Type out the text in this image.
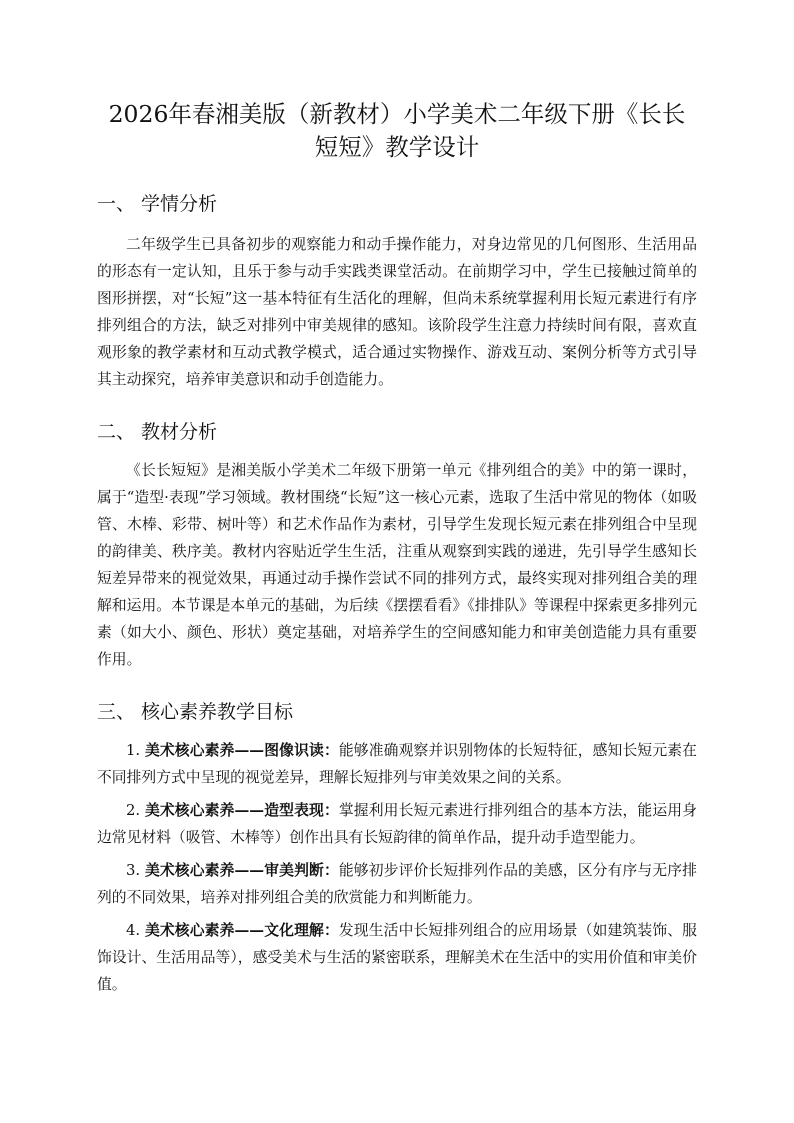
2026年春湘美版（新教材）小学美术二年级下册《长长短短》教学设计
一、 学情分析

二年级学生已具备初步的观察能力和动手操作能力，对身边常见的几何图形、生活用品的形态有一定认知，且乐于参与动手实践类课堂活动。在前期学习中，学生已接触过简单的图形拼摆，对“长短”这一基本特征有生活化的理解，但尚未系统掌握利用长短元素进行有序排列组合的方法，缺乏对排列中审美规律的感知。该阶段学生注意力持续时间有限，喜欢直观形象的教学素材和互动式教学模式，适合通过实物操作、游戏互动、案例分析等方式引导其主动探究，培养审美意识和动手创造能力。

二、 教材分析

《长长短短》是湘美版小学美术二年级下册第一单元《排列组合的美》中的第一课时，属于“造型·表现”学习领域。教材围绕“长短”这一核心元素，选取了生活中常见的物体（如吸管、木棒、彩带、树叶等）和艺术作品作为素材，引导学生发现长短元素在排列组合中呈现的韵律美、秩序美。教材内容贴近学生生活，注重从观察到实践的递进，先引导学生感知长短差异带来的视觉效果，再通过动手操作尝试不同的排列方式，最终实现对排列组合美的理解和运用。本节课是本单元的基础，为后续《摆摆看看》《排排队》等课程中探索更多排列元素（如大小、颜色、形状）奠定基础，对培养学生的空间感知能力和审美创造能力具有重要作用。

三、 核心素养教学目标

1. 美术核心素养——图像识读：能够准确观察并识别物体的长短特征，感知长短元素在不同排列方式中呈现的视觉差异，理解长短排列与审美效果之间的关系。

2. 美术核心素养——造型表现：掌握利用长短元素进行排列组合的基本方法，能运用身边常见材料（吸管、木棒等）创作出具有长短韵律的简单作品，提升动手造型能力。

3. 美术核心素养——审美判断：能够初步评价长短排列作品的美感，区分有序与无序排列的不同效果，培养对排列组合美的欣赏能力和判断能力。

4. 美术核心素养——文化理解：发现生活中长短排列组合的应用场景（如建筑装饰、服饰设计、生活用品等），感受美术与生活的紧密联系，理解美术在生活中的实用价值和审美价值。
